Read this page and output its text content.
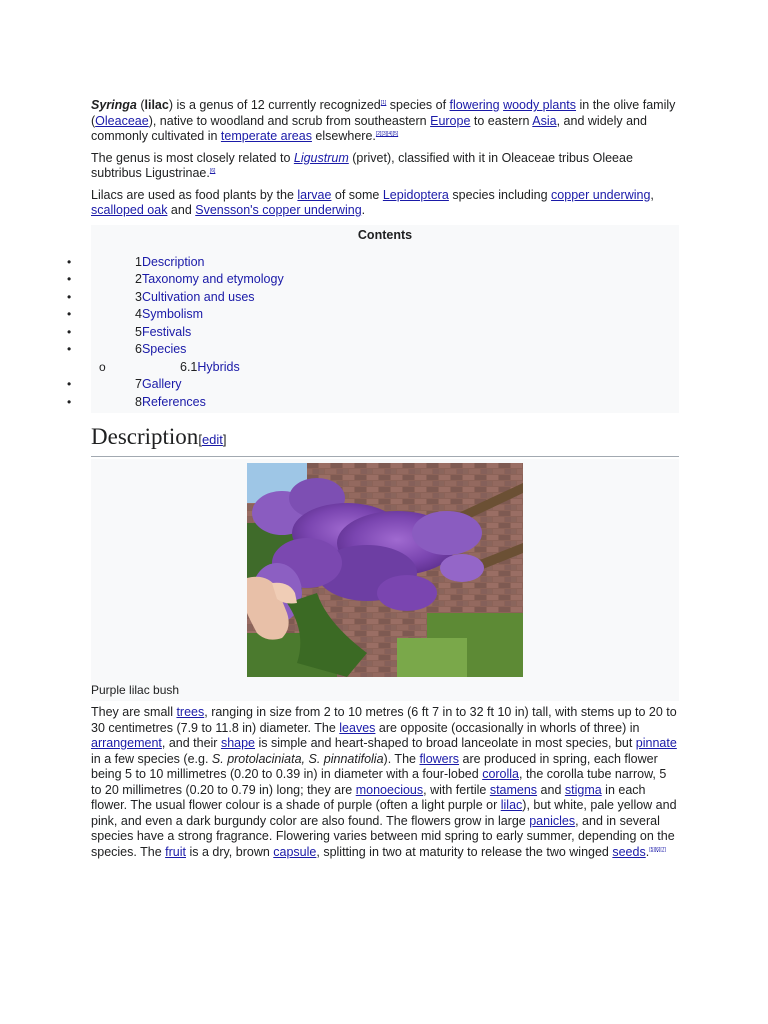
Syringa (lilac) is a genus of 12 currently recognized[1] species of flowering woody plants in the olive family (Oleaceae), native to woodland and scrub from southeastern Europe to eastern Asia, and widely and commonly cultivated in temperate areas elsewhere.[2][3][4][5]

The genus is most closely related to Ligustrum (privet), classified with it in Oleaceae tribus Oleeae subtribus Ligustrinae.[6]

Lilacs are used as food plants by the larvae of some Lepidoptera species including copper underwing, scalloped oak and Svensson's copper underwing.

Contents
•	1Description
•	2Taxonomy and etymology
•	3Cultivation and uses
•	4Symbolism
•	5Festivals
•	6Species
o	6.1Hybrids
•	7Gallery
•	8References
Description[edit]
Purple lilac bush

They are small trees, ranging in size from 2 to 10 metres (6 ft 7 in to 32 ft 10 in) tall, with stems up to 20 to 30 centimetres (7.9 to 11.8 in) diameter. The leaves are opposite (occasionally in whorls of three) in arrangement, and their shape is simple and heart-shaped to broad lanceolate in most species, but pinnate in a few species (e.g. S. protolaciniata, S. pinnatifolia). The flowers are produced in spring, each flower being 5 to 10 millimetres (0.20 to 0.39 in) in diameter with a four-lobed corolla, the corolla tube narrow, 5 to 20 millimetres (0.20 to 0.79 in) long; they are monoecious, with fertile stamens and stigma in each flower. The usual flower colour is a shade of purple (often a light purple or lilac), but white, pale yellow and pink, and even a dark burgundy color are also found. The flowers grow in large panicles, and in several species have a strong fragrance. Flowering varies between mid spring to early summer, depending on the species. The fruit is a dry, brown capsule, splitting in two at maturity to release the two winged seeds.[5][6][7]
